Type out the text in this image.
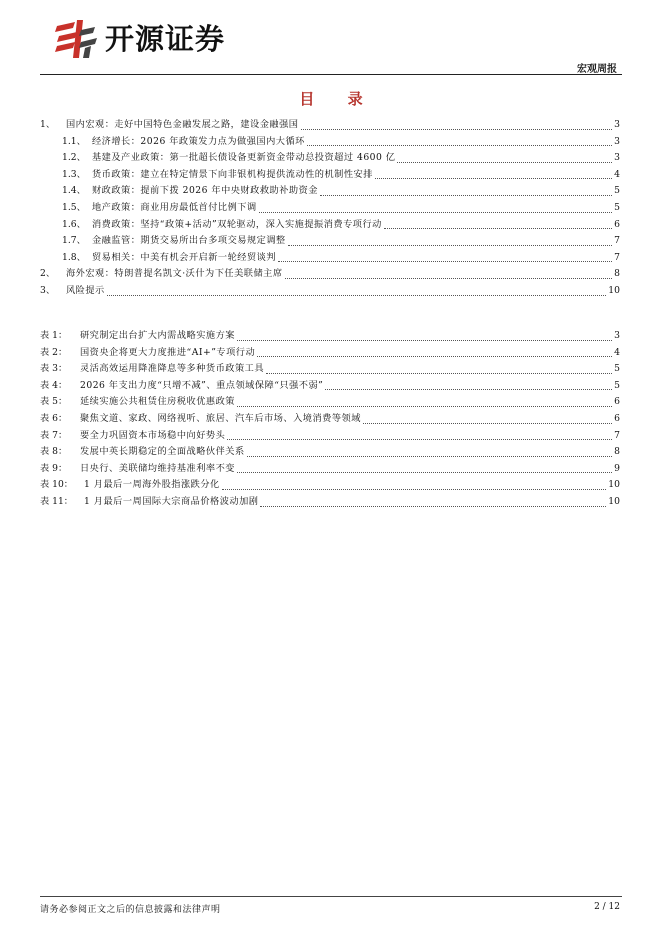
开源证券
宏观周报
目 录
1、	国内宏观：走好中国特色金融发展之路，建设金融强国	3
1.1、 经济增长：2026 年政策发力点为做强国内大循环	3
1.2、 基建及产业政策：第一批超长债设备更新资金带动总投资超过 4600 亿	3
1.3、 货币政策：建立在特定情景下向非银机构提供流动性的机制性安排	4
1.4、 财政政策：提前下拨 2026 年中央财政救助补助资金	5
1.5、 地产政策：商业用房最低首付比例下调	5
1.6、 消费政策：坚持“政策+活动”双轮驱动，深入实施提振消费专项行动	6
1.7、 金融监管：期货交易所出台多项交易规定调整	7
1.8、 贸易相关：中美有机会开启新一轮经贸谈判	7
2、	海外宏观：特朗普提名凯文·沃什为下任美联储主席	8
3、	风险提示	10
表 1：	研究制定出台扩大内需战略实施方案	3
表 2：	国资央企将更大力度推进“AI+”专项行动	4
表 3：	灵活高效运用降准降息等多种货币政策工具	5
表 4：	2026 年支出力度“只增不减”、重点领域保障“只强不弱”	5
表 5：	延续实施公共租赁住房税收优惠政策	6
表 6：	聚焦文道、家政、网络视听、旅居、汽车后市场、入境消费等领域	6
表 7：	要全力巩固资本市场稳中向好势头	7
表 8：	发展中英长期稳定的全面战略伙伴关系	8
表 9：	日央行、美联储均维持基准利率不变	9
表 10：	1 月最后一周海外股指涨跌分化	10
表 11：	1 月最后一周国际大宗商品价格波动加剧	10
请务必参阅正文之后的信息披露和法律声明	2 / 12
